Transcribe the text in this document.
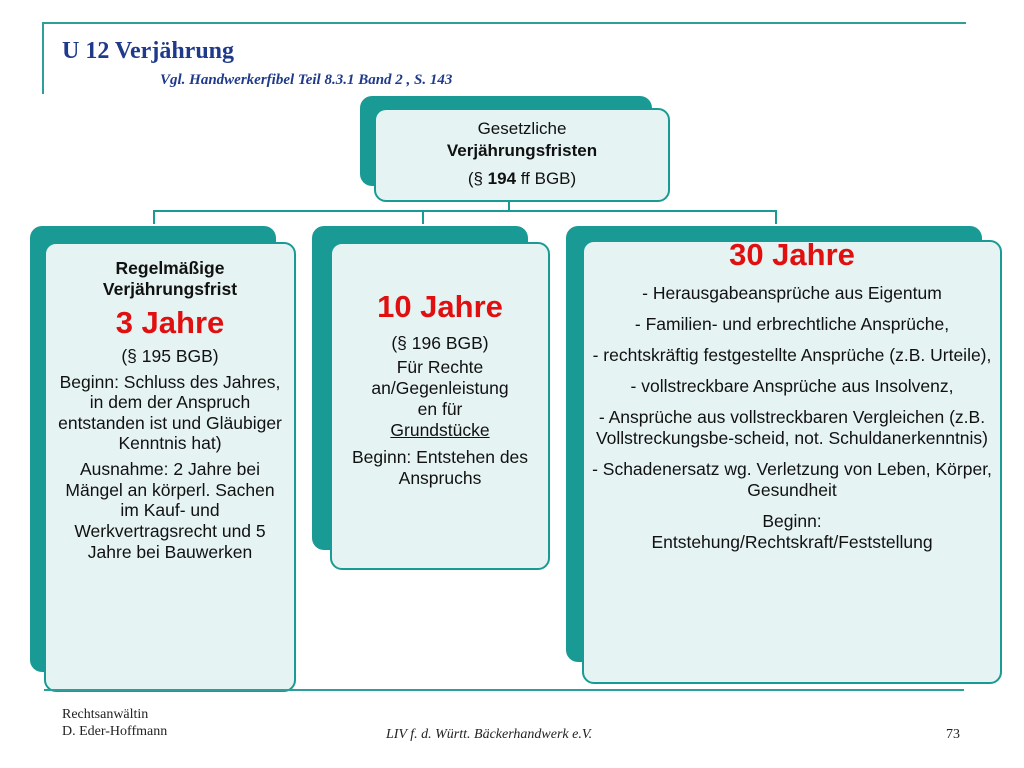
U 12 Verjährung
Vgl. Handwerkerfibel Teil 8.3.1 Band 2 , S. 143

Gesetzliche

Verjährungsfristen

(§ 194 ff BGB)

Regelmäßige

Verjährungsfrist

3 Jahre

(§ 195 BGB)

Beginn: Schluss des Jahres, in dem der Anspruch entstanden ist und Gläubiger Kenntnis hat)

Ausnahme: 2 Jahre bei Mängel an körperl. Sachen im Kauf- und Werkvertragsrecht und 5 Jahre bei Bauwerken

10 Jahre

(§ 196 BGB)

Für Rechte

an/Gegenleistung

en für

Grundstücke

Beginn: Entstehen des Anspruchs

30 Jahre

- Herausgabeansprüche aus Eigentum

- Familien- und erbrechtliche Ansprüche,

- rechtskräftig festgestellte Ansprüche (z.B. Urteile),

- vollstreckbare Ansprüche aus Insolvenz,

- Ansprüche aus vollstreckbaren Vergleichen (z.B. Vollstreckungsbe-scheid, not. Schuldanerkenntnis)

- Schadenersatz wg. Verletzung von Leben, Körper, Gesundheit

Beginn:

Entstehung/Rechtskraft/Feststellung

Rechtsanwältin
D. Eder-Hoffmann	LIV f. d. Württ. Bäckerhandwerk e.V.	73
